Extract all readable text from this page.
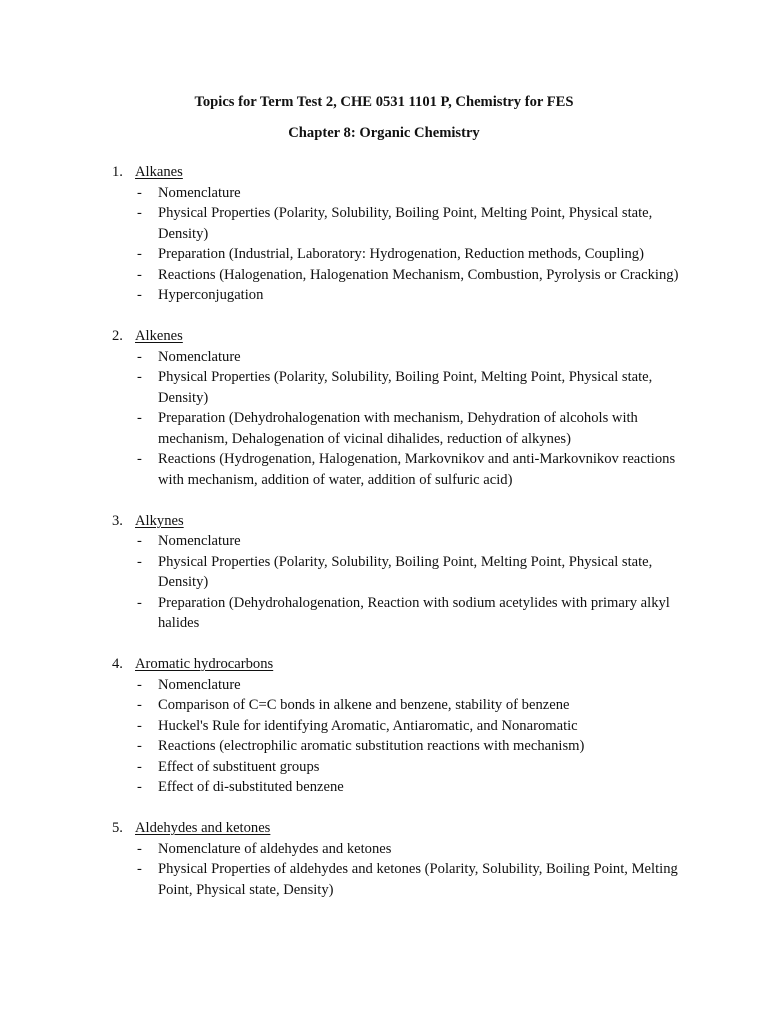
Topics for Term Test 2, CHE 0531 1101 P, Chemistry for FES
Chapter 8: Organic Chemistry
1. Alkanes
- Nomenclature
- Physical Properties (Polarity, Solubility, Boiling Point, Melting Point, Physical state, Density)
- Preparation (Industrial, Laboratory: Hydrogenation, Reduction methods, Coupling)
- Reactions (Halogenation, Halogenation Mechanism, Combustion, Pyrolysis or Cracking)
- Hyperconjugation
2. Alkenes
- Nomenclature
- Physical Properties (Polarity, Solubility, Boiling Point, Melting Point, Physical state, Density)
- Preparation (Dehydrohalogenation with mechanism, Dehydration of alcohols with mechanism, Dehalogenation of vicinal dihalides, reduction of alkynes)
- Reactions (Hydrogenation, Halogenation, Markovnikov and anti-Markovnikov reactions with mechanism, addition of water, addition of sulfuric acid)
3. Alkynes
- Nomenclature
- Physical Properties (Polarity, Solubility, Boiling Point, Melting Point, Physical state, Density)
- Preparation (Dehydrohalogenation, Reaction with sodium acetylides with primary alkyl halides
4. Aromatic hydrocarbons
- Nomenclature
- Comparison of C=C bonds in alkene and benzene, stability of benzene
- Huckel's Rule for identifying Aromatic, Antiaromatic, and Nonaromatic
- Reactions (electrophilic aromatic substitution reactions with mechanism)
- Effect of substituent groups
- Effect of di-substituted benzene
5. Aldehydes and ketones
- Nomenclature of aldehydes and ketones
- Physical Properties of aldehydes and ketones (Polarity, Solubility, Boiling Point, Melting Point, Physical state, Density)
